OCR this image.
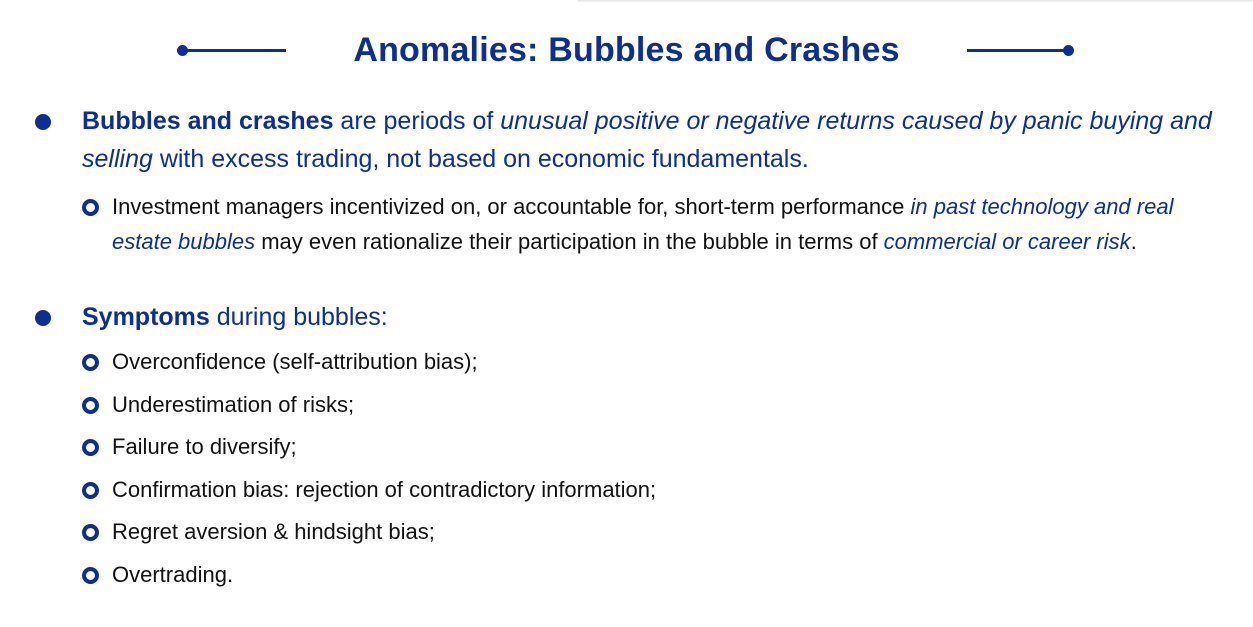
Anomalies: Bubbles and Crashes
Bubbles and crashes are periods of unusual positive or negative returns caused by panic buying and selling with excess trading, not based on economic fundamentals.
Investment managers incentivized on, or accountable for, short-term performance in past technology and real estate bubbles may even rationalize their participation in the bubble in terms of commercial or career risk.
Symptoms during bubbles:
Overconfidence (self-attribution bias);
Underestimation of risks;
Failure to diversify;
Confirmation bias: rejection of contradictory information;
Regret aversion & hindsight bias;
Overtrading.
